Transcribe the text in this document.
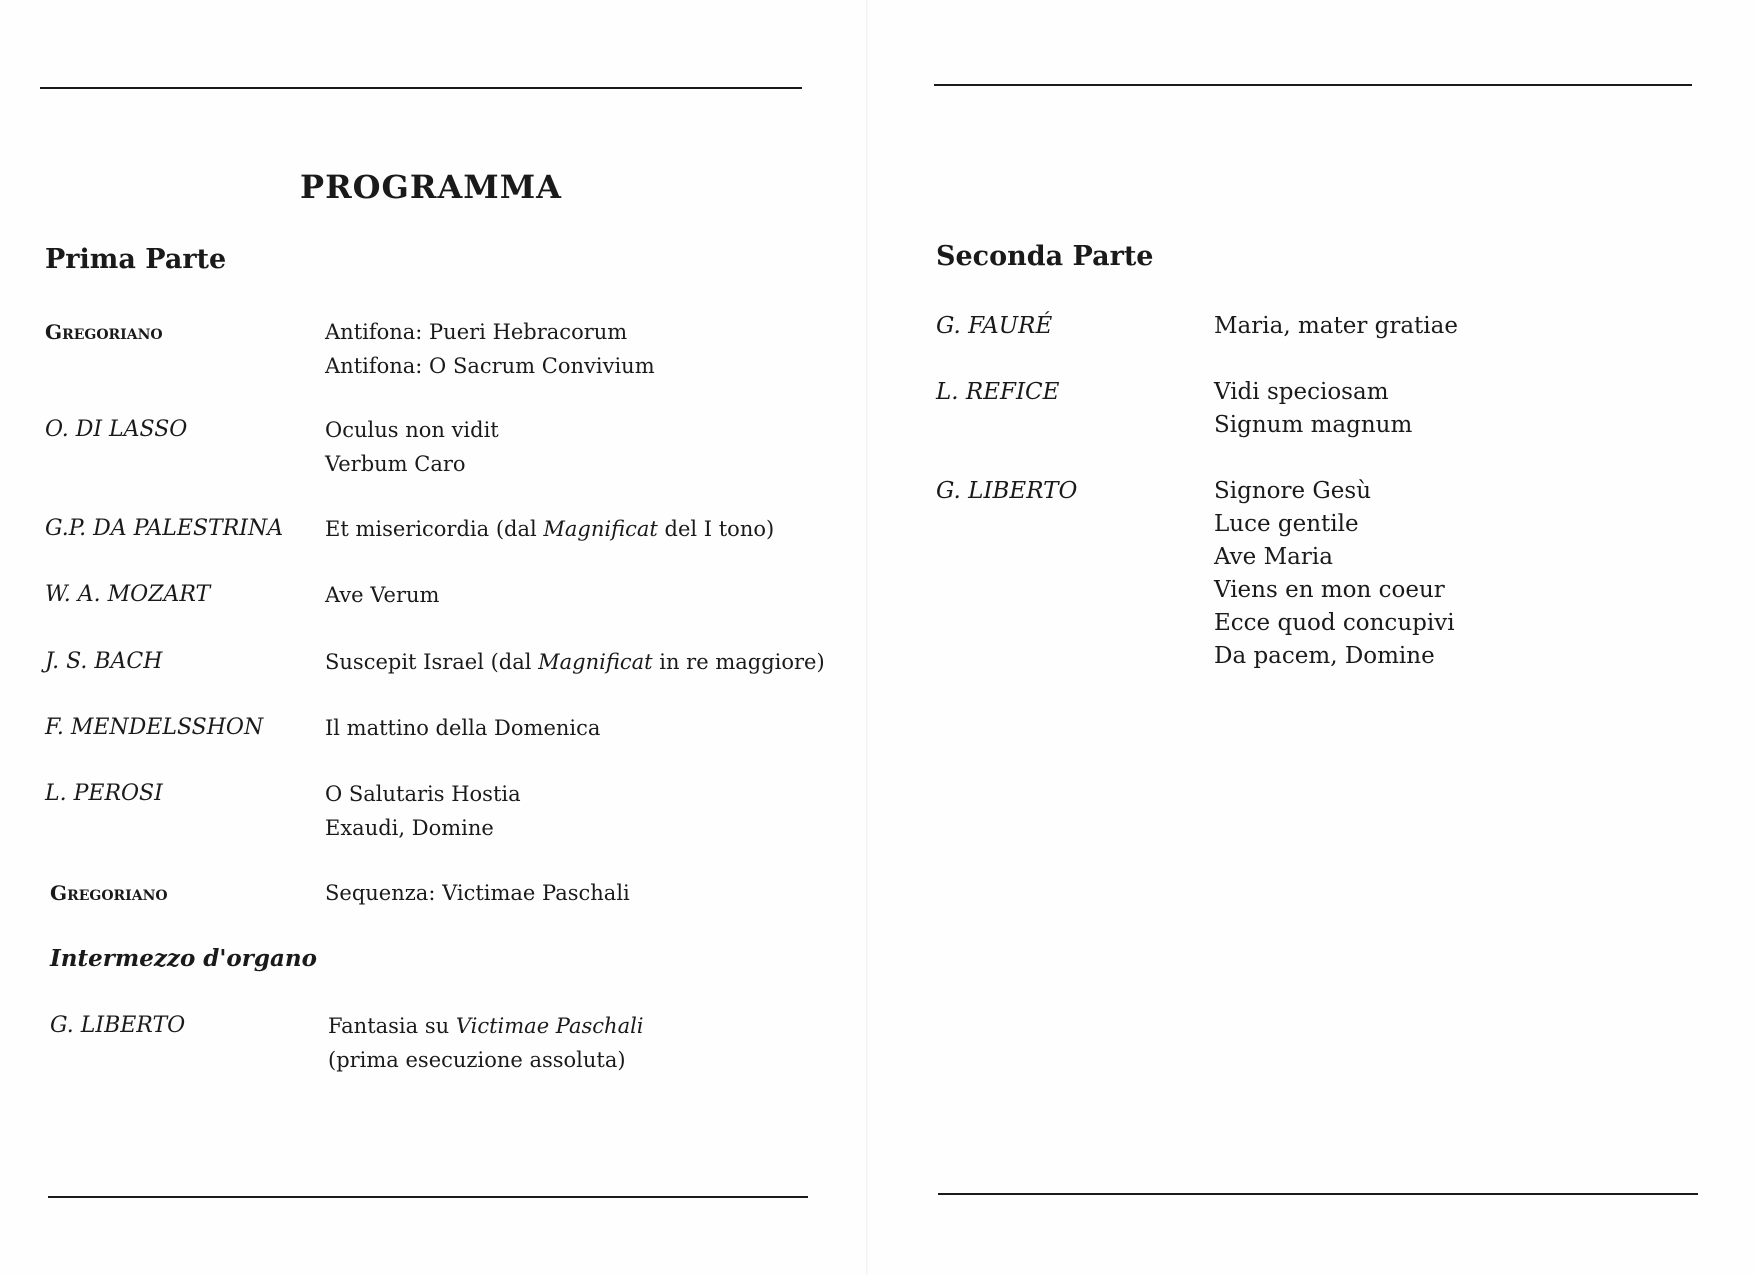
PROGRAMMA
Prima Parte
Gregoriano	Antifona: Pueri Hebracorum
Antifona: O Sacrum Convivium
O. DI LASSO	Oculus non vidit
Verbum Caro
G.P. DA PALESTRINA	Et misericordia (dal Magnificat del I tono)
W. A. MOZART	Ave Verum
J. S. BACH	Suscepit Israel (dal Magnificat in re maggiore)
F. MENDELSSHON	Il mattino della Domenica
L. PEROSI	O Salutaris Hostia
Exaudi, Domine
Gregoriano	Sequenza: Victimae Paschali
Intermezzo d'organo
G. LIBERTO	Fantasia su Victimae Paschali
(prima esecuzione assoluta)
Seconda Parte
G. FAURÉ	Maria, mater gratiae
L. REFICE	Vidi speciosam
Signum magnum
G. LIBERTO	Signore Gesù
Luce gentile
Ave Maria
Viens en mon coeur
Ecce quod concupivi
Da pacem, Domine
